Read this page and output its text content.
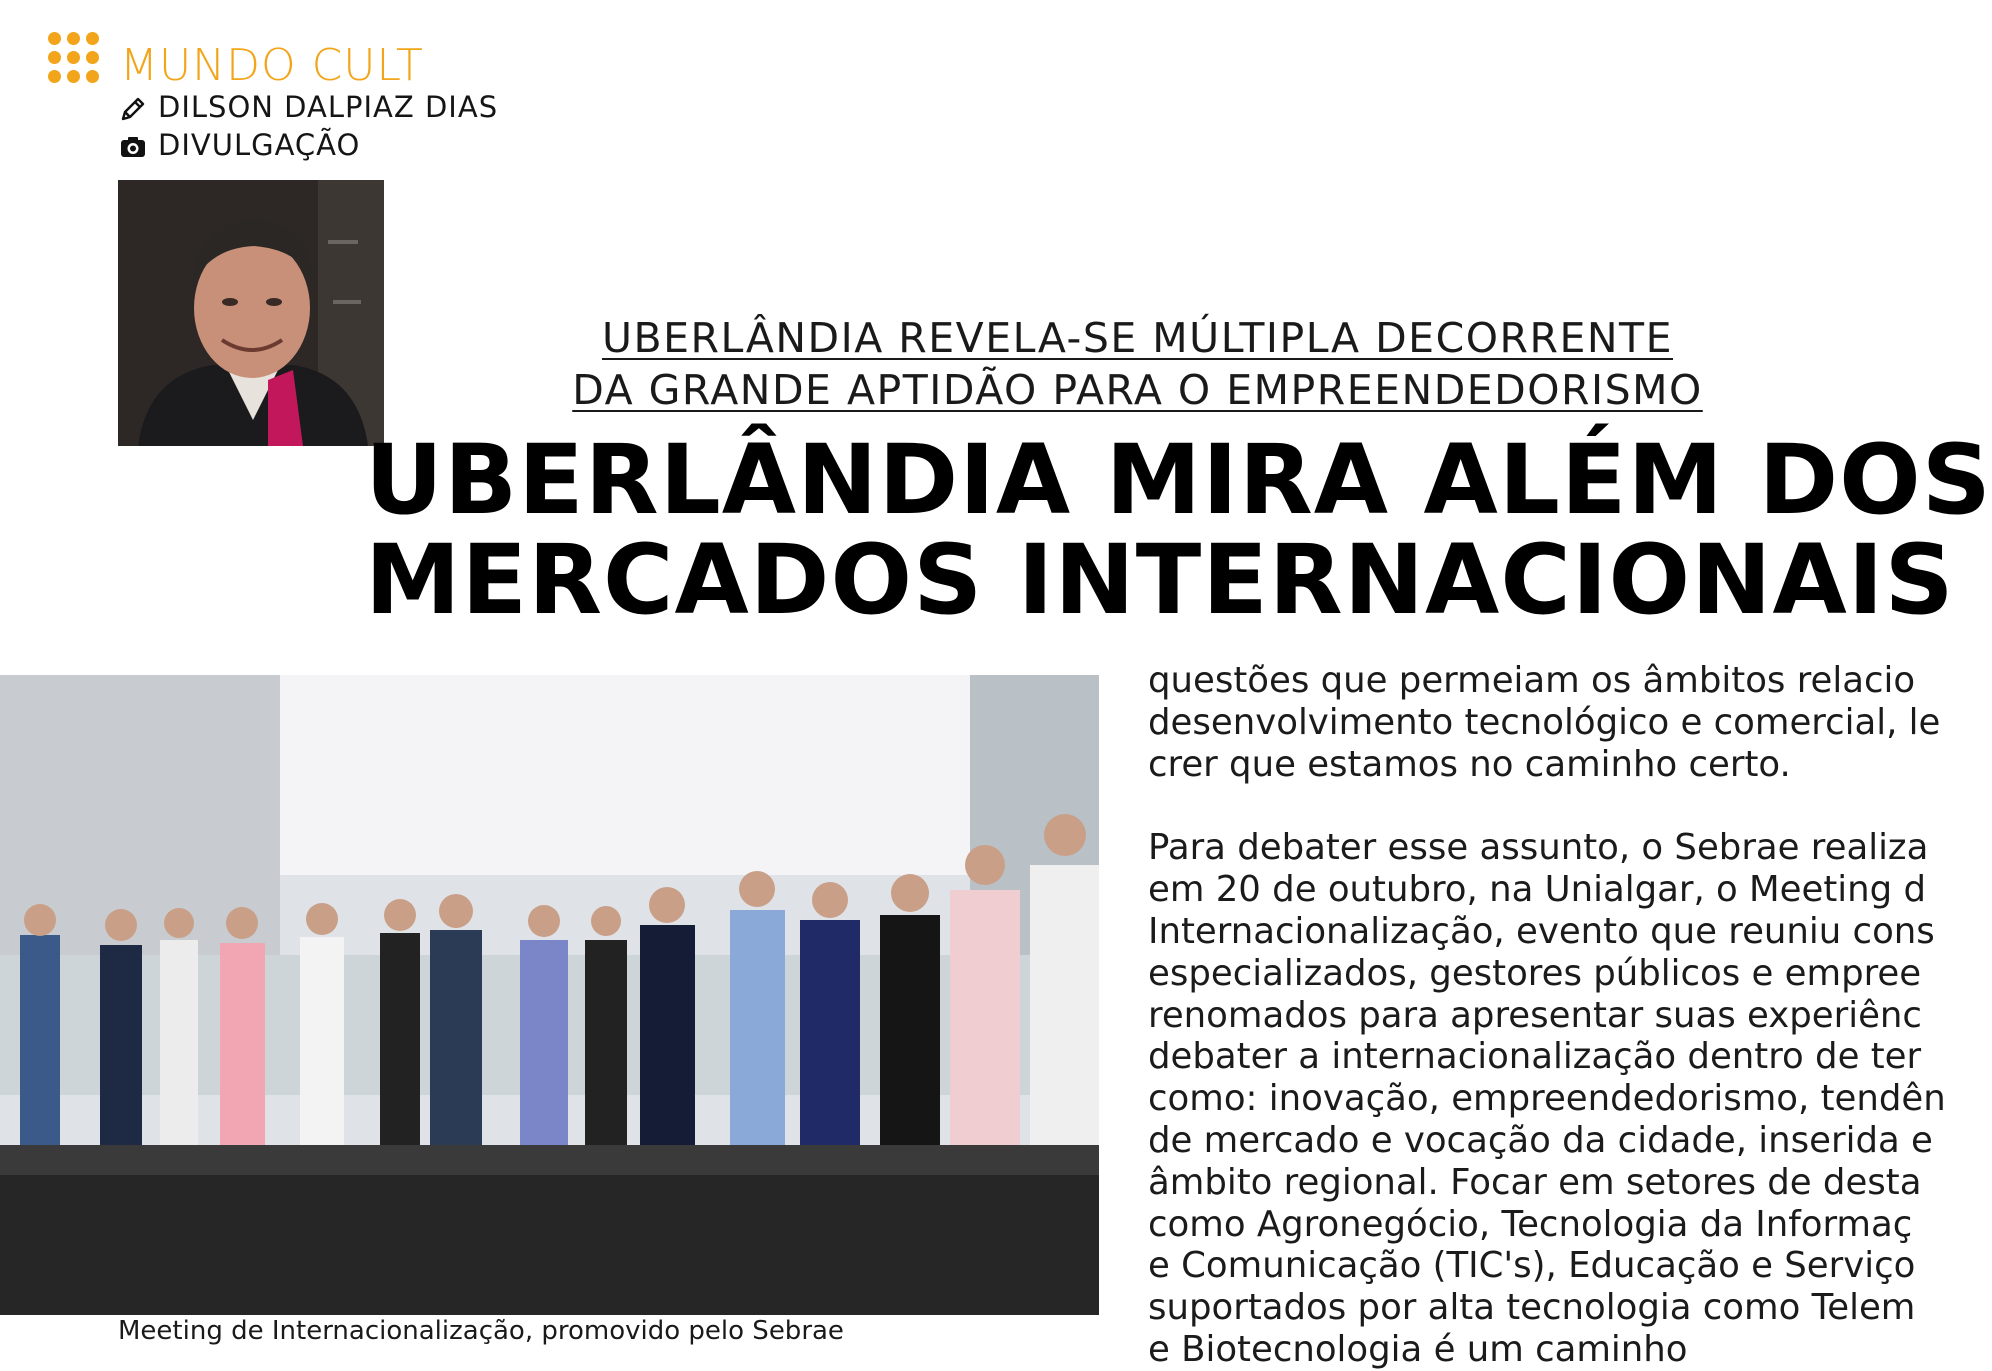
MUNDO CULT
DILSON DALPIAZ DIAS
DIVULGAÇÃO
UBERLÂNDIA REVELA-SE MÚLTIPLA DECORRENTE
DA GRANDE APTIDÃO PARA O EMPREENDEDORISMO
UBERLÂNDIA MIRA ALÉM DOS
MERCADOS INTERNACIONAIS
Meeting de Internacionalização, promovido pelo Sebrae

questões que permeiam os âmbitos relacio

desenvolvimento tecnológico e comercial, le

crer que estamos no caminho certo.

Para debater esse assunto, o Sebrae realiza

em 20 de outubro, na Unialgar, o Meeting d

Internacionalização, evento que reuniu cons

especializados, gestores públicos e empree

renomados para apresentar suas experiênc

debater a internacionalização dentro de ter

como: inovação, empreendedorismo, tendên

de mercado e vocação da cidade, inserida e

âmbito regional. Focar em setores de desta

como Agronegócio, Tecnologia da Informaç

e Comunicação (TIC's), Educação e Serviço

suportados por alta tecnologia como Telem

e Biotecnologia é um caminho
